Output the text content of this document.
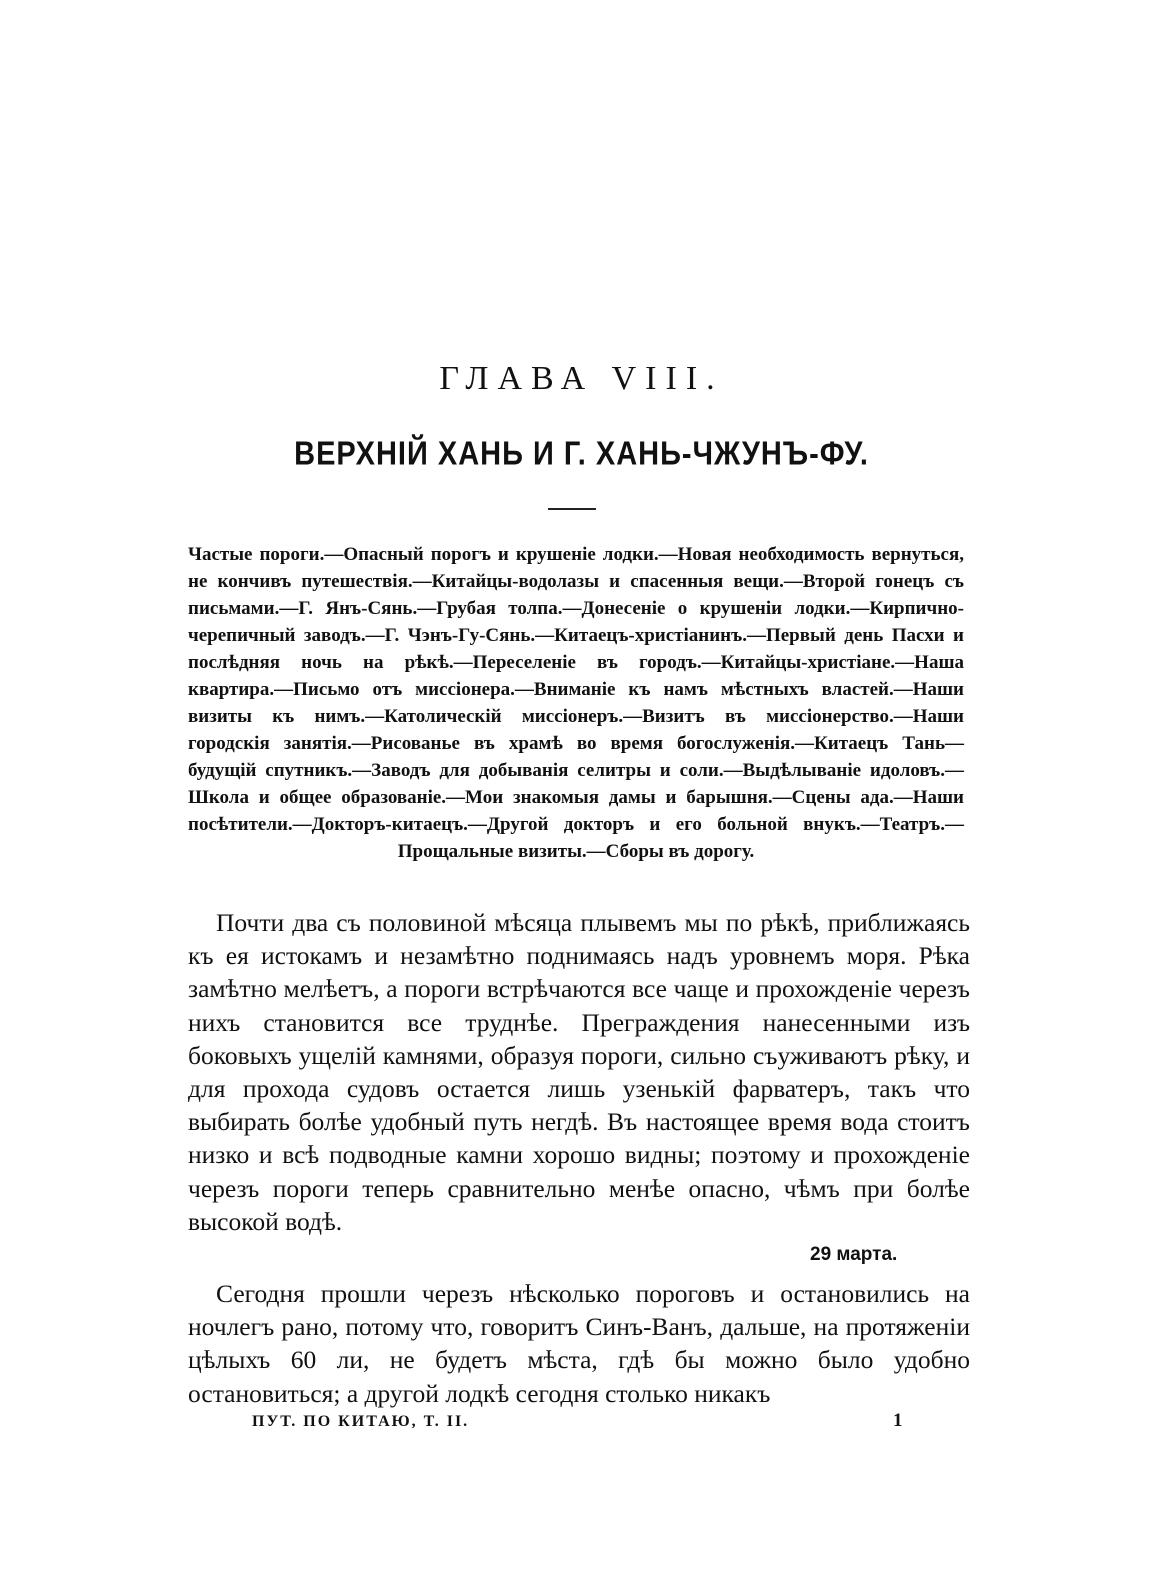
ГЛАВА VIII.
ВЕРХНІЙ ХАНЬ И Г. ХАНЬ-ЧЖУНЪ-ФУ.
Частые пороги.—Опасный порогъ и крушеніе лодки.—Новая необходимость вернуться, не кончивъ путешествія.—Китайцы-водолазы и спасенныя вещи.—Второй гонецъ съ письмами.—Г. Янъ-Сянь.—Грубая толпа.—Донесеніе о крушеніи лодки.—Кирпично-черепичный заводъ.—Г. Чэнъ-Гу-Сянь.—Китаецъ-христіанинъ.—Первый день Пасхи и послѣдняя ночь на рѣкѣ.—Переселеніе въ городъ.—Китайцы-христіане.—Наша квартира.—Письмо отъ миссіонера.—Вниманіе къ намъ мѣстныхъ властей.—Наши визиты къ нимъ.—Католическій миссіонеръ.—Визитъ въ миссіонерство.—Наши городскія занятія.—Рисованье въ храмѣ во время богослуженія.—Китаецъ Тань—будущій спутникъ.—Заводъ для добыванія селитры и соли.—Выдѣлываніе идоловъ.—Школа и общее образованіе.—Мои знакомыя дамы и барышня.—Сцены ада.—Наши посѣтители.—Докторъ-китаецъ.—Другой докторъ и его больной внукъ.—Театръ.—Прощальные визиты.—Сборы въ дорогу.
Почти два съ половиной мѣсяца плывемъ мы по рѣкѣ, приближаясь къ ея истокамъ и незамѣтно поднимаясь надъ уровнемъ моря. Рѣка замѣтно мелѣетъ, а пороги встрѣчаются все чаще и прохожденіе черезъ нихъ становится все труднѣе. Преграждения нанесенными изъ боковыхъ ущелій камнями, образуя пороги, сильно съуживаютъ рѣку, и для прохода судовъ остается лишь узенькій фарватеръ, такъ что выбирать болѣе удобный путь негдѣ. Въ настоящее время вода стоитъ низко и всѣ подводные камни хорошо видны; поэтому и прохожденіе черезъ пороги теперь сравнительно менѣе опасно, чѣмъ при болѣе высокой водѣ.
29 марта.
Сегодня прошли черезъ нѣсколько пороговъ и остановились на ночлегъ рано, потому что, говоритъ Синъ-Ванъ, дальше, на протяженіи цѣлыхъ 60 ли, не будетъ мѣста, гдѣ бы можно было удобно остановиться; а другой лодкѣ сегодня столько никакъ
ПУТ. ПО КИТАЮ, Т. II.	1
